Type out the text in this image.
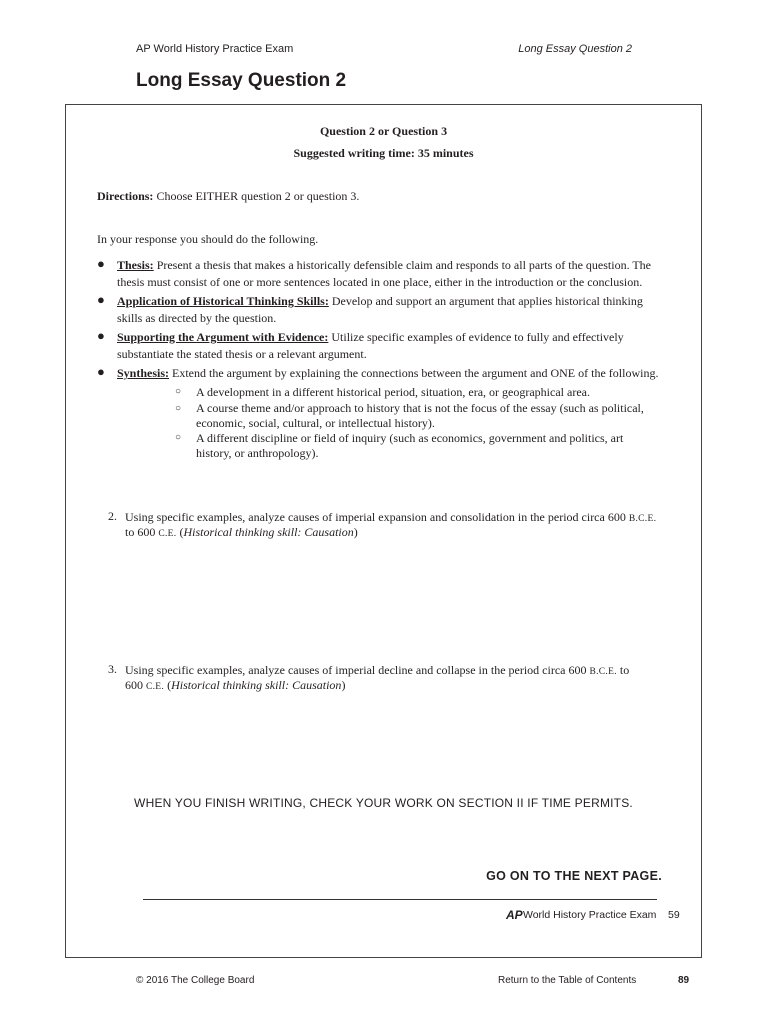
AP World History Practice Exam	Long Essay Question 2
Long Essay Question 2
Question 2 or Question 3
Suggested writing time: 35 minutes
Directions: Choose EITHER question 2 or question 3.
In your response you should do the following.
● Thesis: Present a thesis that makes a historically defensible claim and responds to all parts of the question. The
thesis must consist of one or more sentences located in one place, either in the introduction or the conclusion.
● Application of Historical Thinking Skills: Develop and support an argument that applies historical thinking
skills as directed by the question.
● Supporting the Argument with Evidence: Utilize specific examples of evidence to fully and effectively
substantiate the stated thesis or a relevant argument.
● Synthesis: Extend the argument by explaining the connections between the argument and ONE of the following.
○ A development in a different historical period, situation, era, or geographical area.
○ A course theme and/or approach to history that is not the focus of the essay (such as political,
economic, social, cultural, or intellectual history).
○ A different discipline or field of inquiry (such as economics, government and politics, art
history, or anthropology).
2. Using specific examples, analyze causes of imperial expansion and consolidation in the period circa 600 B.C.E.
to 600 C.E. (Historical thinking skill: Causation)
3. Using specific examples, analyze causes of imperial decline and collapse in the period circa 600 B.C.E. to
600 C.E. (Historical thinking skill: Causation)
WHEN YOU FINISH WRITING, CHECK YOUR WORK ON SECTION II IF TIME PERMITS.
GO ON TO THE NEXT PAGE.
AP World History Practice Exam 59
© 2016 The College Board	Return to the Table of Contents	89
